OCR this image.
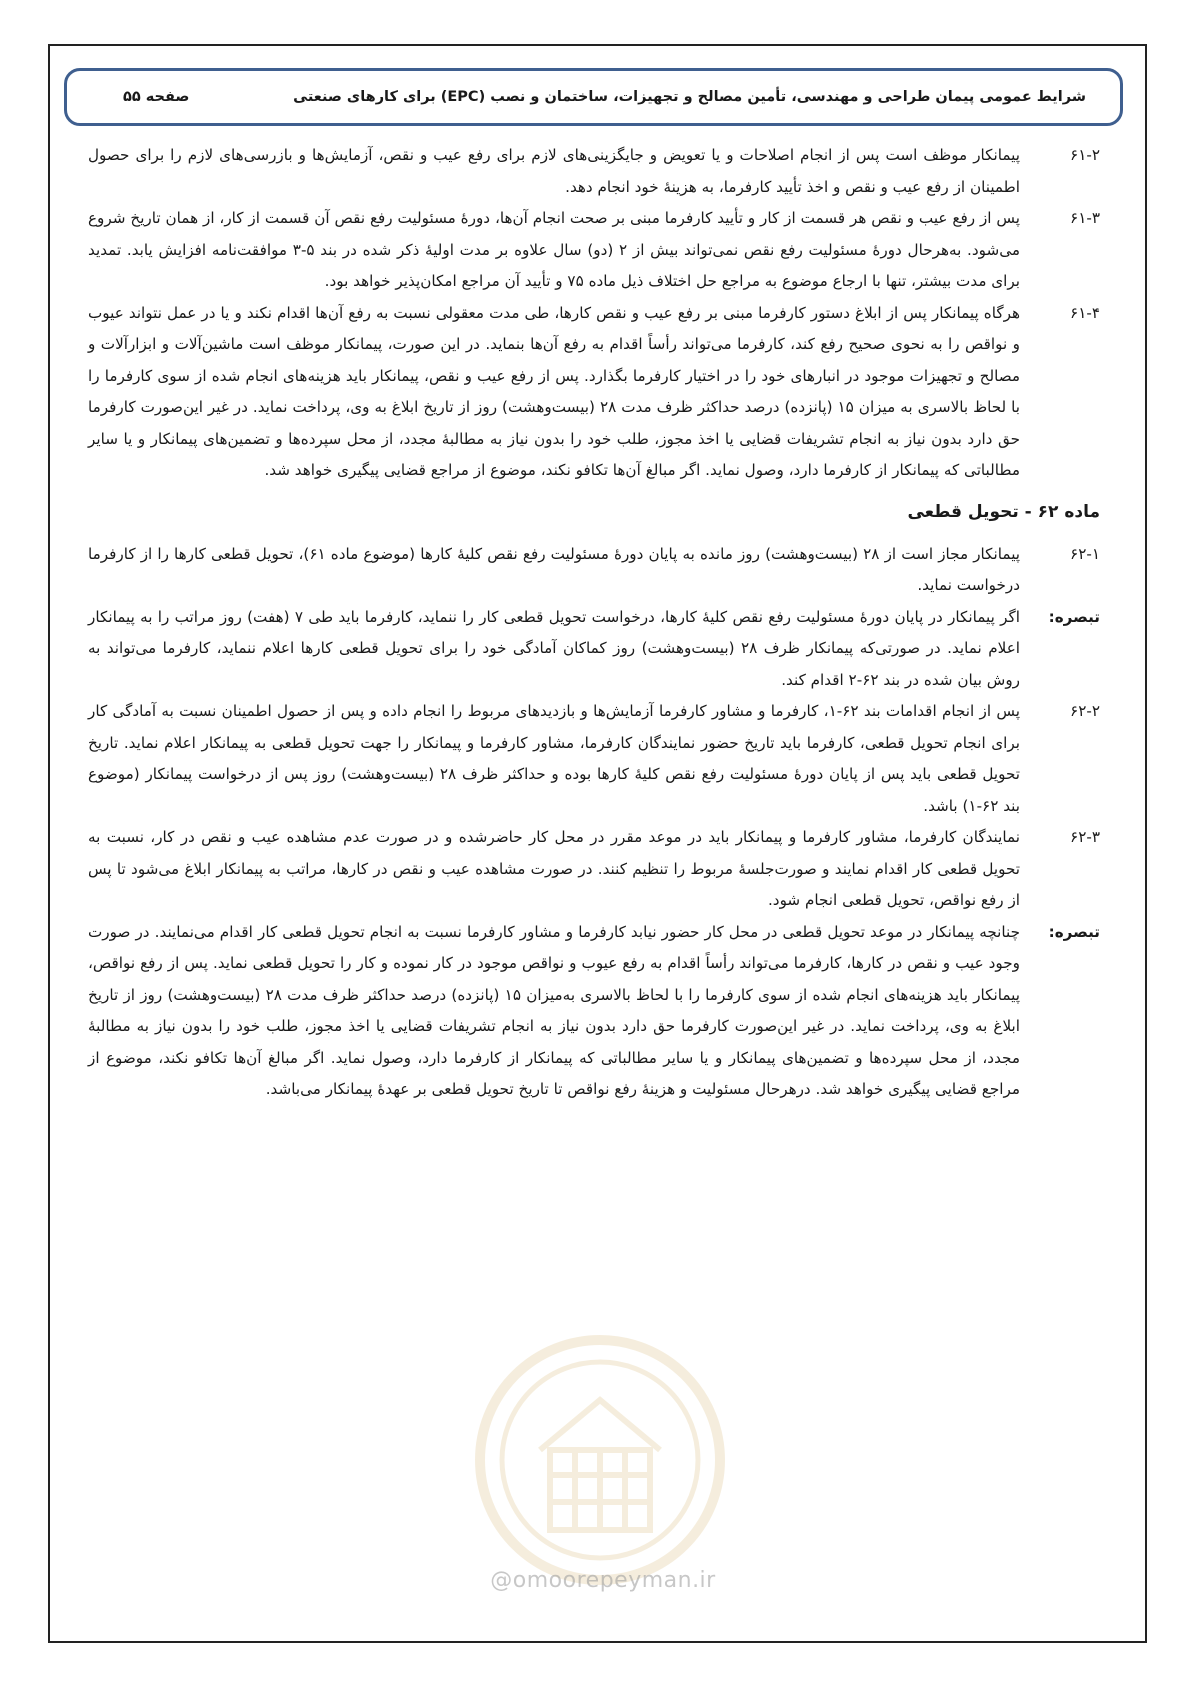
شرایط عمومی پیمان طراحی و مهندسی، تأمین مصالح و تجهیزات، ساختمان و نصب (EPC) برای کارهای صنعتی
صفحه ۵۵
@omoorepeyman.ir
۶۱-۲

پیمانکار موظف است پس از انجام اصلاحات و یا تعویض و جایگزینی‌های لازم برای رفع عیب و نقص، آزمایش‌ها و بازرسی‌های لازم را برای حصول اطمینان از رفع عیب و نقص و اخذ تأیید کارفرما، به هزینهٔ خود انجام دهد.

۶۱-۳

پس از رفع عیب و نقص هر قسمت از کار و تأیید کارفرما مبنی بر صحت انجام آن‌ها، دورهٔ مسئولیت رفع نقص آن قسمت از کار، از همان تاریخ شروع می‌شود. به‌هرحال دورهٔ مسئولیت رفع نقص نمی‌تواند بیش از ۲ (دو) سال علاوه بر مدت اولیهٔ ذکر شده در بند ۵-۳ موافقت‌نامه افزایش یابد. تمدید برای مدت بیشتر، تنها با ارجاع موضوع به مراجع حل اختلاف ذیل ماده ۷۵ و تأیید آن مراجع امکان‌پذیر خواهد بود.

۶۱-۴

هرگاه پیمانکار پس از ابلاغ دستور کارفرما مبنی بر رفع عیب و نقص کارها، طی مدت معقولی نسبت به رفع آن‌ها اقدام نکند و یا در عمل نتواند عیوب و نواقص را به نحوی صحیح رفع کند، کارفرما می‌تواند رأساً اقدام به رفع آن‌ها بنماید. در این صورت، پیمانکار موظف است ماشین‌آلات و ابزارآلات و مصالح و تجهیزات موجود در انبارهای خود را در اختیار کارفرما بگذارد. پس از رفع عیب و نقص، پیمانکار باید هزینه‌های انجام شده از سوی کارفرما را با لحاظ بالاسری به میزان ۱۵ (پانزده) درصد حداکثر ظرف مدت ۲۸ (بیست‌وهشت) روز از تاریخ ابلاغ به وی، پرداخت نماید. در غیر این‌صورت کارفرما حق دارد بدون نیاز به انجام تشریفات قضایی یا اخذ مجوز، طلب خود را بدون نیاز به مطالبهٔ مجدد، از محل سپرده‌ها و تضمین‌های پیمانکار و یا سایر مطالباتی که پیمانکار از کارفرما دارد، وصول نماید. اگر مبالغ آن‌ها تکافو نکند، موضوع از مراجع قضایی پیگیری خواهد شد.

ماده ۶۲ - تحویل قطعی
۶۲-۱

پیمانکار مجاز است از ۲۸ (بیست‌وهشت) روز مانده به پایان دورهٔ مسئولیت رفع نقص کلیهٔ کارها (موضوع ماده ۶۱)، تحویل قطعی کارها را از کارفرما درخواست نماید.

تبصره:

اگر پیمانکار در پایان دورهٔ مسئولیت رفع نقص کلیهٔ کارها، درخواست تحویل قطعی کار را ننماید، کارفرما باید طی ۷ (هفت) روز مراتب را به پیمانکار اعلام نماید. در صورتی‌که پیمانکار ظرف ۲۸ (بیست‌وهشت) روز کماکان آمادگی خود را برای تحویل قطعی کارها اعلام ننماید، کارفرما می‌تواند به روش بیان شده در بند ۶۲-۲ اقدام کند.

۶۲-۲

پس از انجام اقدامات بند ۶۲-۱، کارفرما و مشاور کارفرما آزمایش‌ها و بازدیدهای مربوط را انجام داده و پس از حصول اطمینان نسبت به آمادگی کار برای انجام تحویل قطعی، کارفرما باید تاریخ حضور نمایندگان کارفرما، مشاور کارفرما و پیمانکار را جهت تحویل قطعی به پیمانکار اعلام نماید. تاریخ تحویل قطعی باید پس از پایان دورهٔ مسئولیت رفع نقص کلیهٔ کارها بوده و حداکثر ظرف ۲۸ (بیست‌وهشت) روز پس از درخواست پیمانکار (موضوع بند ۶۲-۱) باشد.

۶۲-۳

نمایندگان کارفرما، مشاور کارفرما و پیمانکار باید در موعد مقرر در محل کار حاضرشده و در صورت عدم مشاهده عیب و نقص در کار، نسبت به تحویل قطعی کار اقدام نمایند و صورت‌جلسهٔ مربوط را تنظیم کنند. در صورت مشاهده عیب و نقص در کارها، مراتب به پیمانکار ابلاغ می‌شود تا پس از رفع نواقص، تحویل قطعی انجام شود.

تبصره:

چنانچه پیمانکار در موعد تحویل قطعی در محل کار حضور نیابد کارفرما و مشاور کارفرما نسبت به انجام تحویل قطعی کار اقدام می‌نمایند. در صورت وجود عیب و نقص در کارها، کارفرما می‌تواند رأساً اقدام به رفع عیوب و نواقص موجود در کار نموده و کار را تحویل قطعی نماید. پس از رفع نواقص، پیمانکار باید هزینه‌های انجام شده از سوی کارفرما را با لحاظ بالاسری به‌میزان ۱۵ (پانزده) درصد حداکثر ظرف مدت ۲۸ (بیست‌وهشت) روز از تاریخ ابلاغ به وی، پرداخت نماید. در غیر این‌صورت کارفرما حق دارد بدون نیاز به انجام تشریفات قضایی یا اخذ مجوز، طلب خود را بدون نیاز به مطالبهٔ مجدد، از محل سپرده‌ها و تضمین‌های پیمانکار و یا سایر مطالباتی که پیمانکار از کارفرما دارد، وصول نماید. اگر مبالغ آن‌ها تکافو نکند، موضوع از مراجع قضایی پیگیری خواهد شد. درهرحال مسئولیت و هزینهٔ رفع نواقص تا تاریخ تحویل قطعی بر عهدهٔ پیمانکار می‌باشد.
